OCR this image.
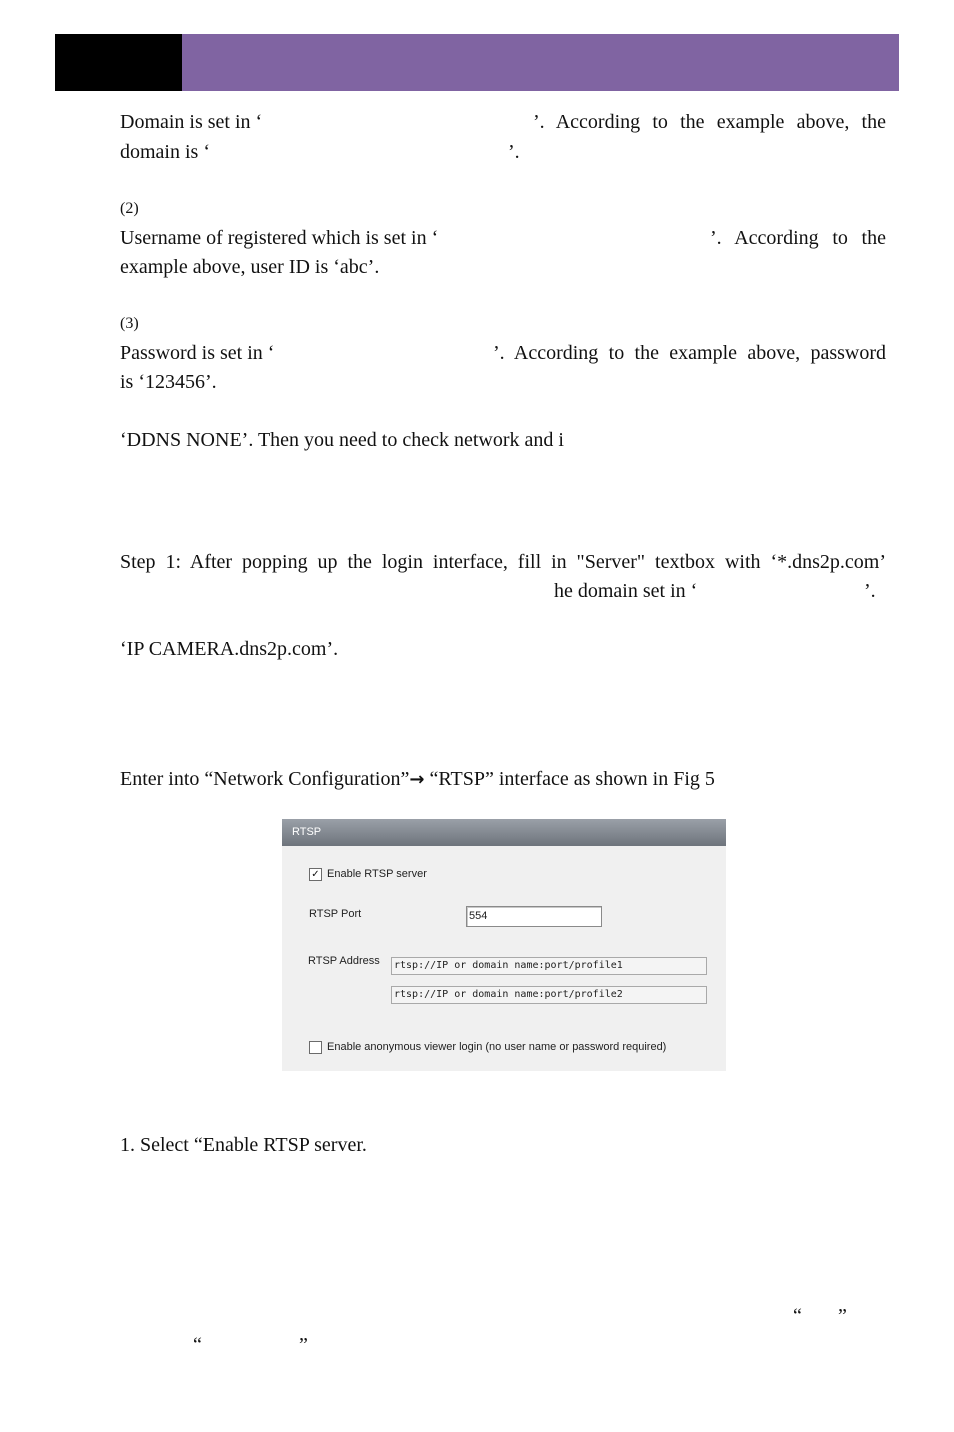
Domain is set in ‘	’. According to the example above, the
domain is ‘	’.
(2)
Username of registered which is set in ‘	’. According to the
example above, user ID is ‘abc’.
(3)
Password is set in ‘	’. According to the example above, password
is ‘123456’.
‘DDNS NONE’. Then you need to check network and i
Step 1: After popping up the login interface, fill in "Server" textbox with ‘*.dns2p.com’
he domain set in ‘	’.
‘IP CAMERA.dns2p.com’.
Enter into “Network Configuration”→ “RTSP” interface as shown in Fig 5
RTSP
✓ Enable RTSP server
RTSP Port	554
RTSP Address	rtsp://IP or domain name:port/profile1
rtsp://IP or domain name:port/profile2
Enable anonymous viewer login (no user name or password required)
1. Select “Enable RTSP server.
“ ”
“	”
